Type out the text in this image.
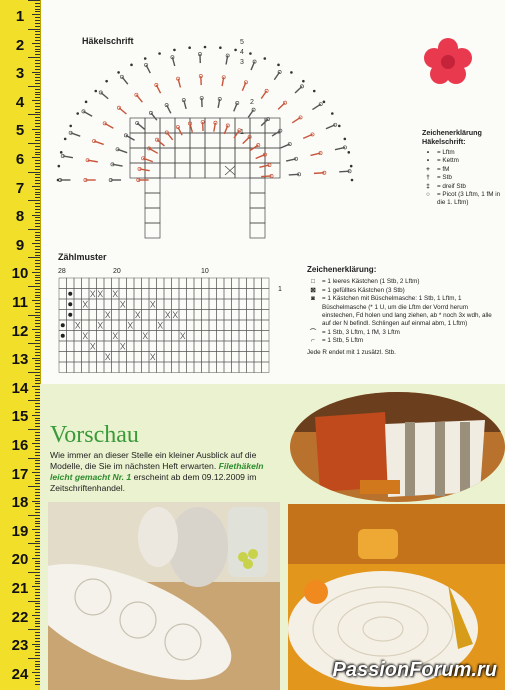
1
2
3
4
5
6
7
8
9
10
11
12
13
14
15
16
17
18
19
20
21
22
23
24
Häkelschrift	5
4
3
2
1	Zeichenerklärung Häkelschrift:
•	= Lftm
•	= Kettm
+	= fM
†	= Stb
‡	= dreif Stb
○	= Picot (3 Lftm, 1 fM in die 1. Lftm)
Zählmuster
28	20	10
1
Zeichenerklärung:
□	= 1 leeres Kästchen (1 Stb, 2 Lftm)
⊠	= 1 gefülltes Kästchen (3 Stb)
◙	= 1 Kästchen mit Büschelmasche: 1 Stb, 1 Lftm, 1 Büschelmasche (* 1 U, um die Lftm der Vorrd herum einstechen, Fd holen und lang ziehen, ab * noch 3x wdh, alle auf der N befindl. Schlingen auf einmal abm, 1 Lftm)
⌒ = 1 Stb, 3 Lftm, 1 fM, 3 Lftm
⌐	= 1 Stb, 5 Lftm
Jede R endet mit 1 zusätzl. Stb.
Vorschau
Wie immer an dieser Stelle ein kleiner Ausblick auf die Modelle, die Sie im nächsten Heft erwarten. Filethäkeln leicht gemacht Nr. 1 erscheint ab dem 09.12.2009 im Zeitschriftenhandel.
PassionForum.ru
